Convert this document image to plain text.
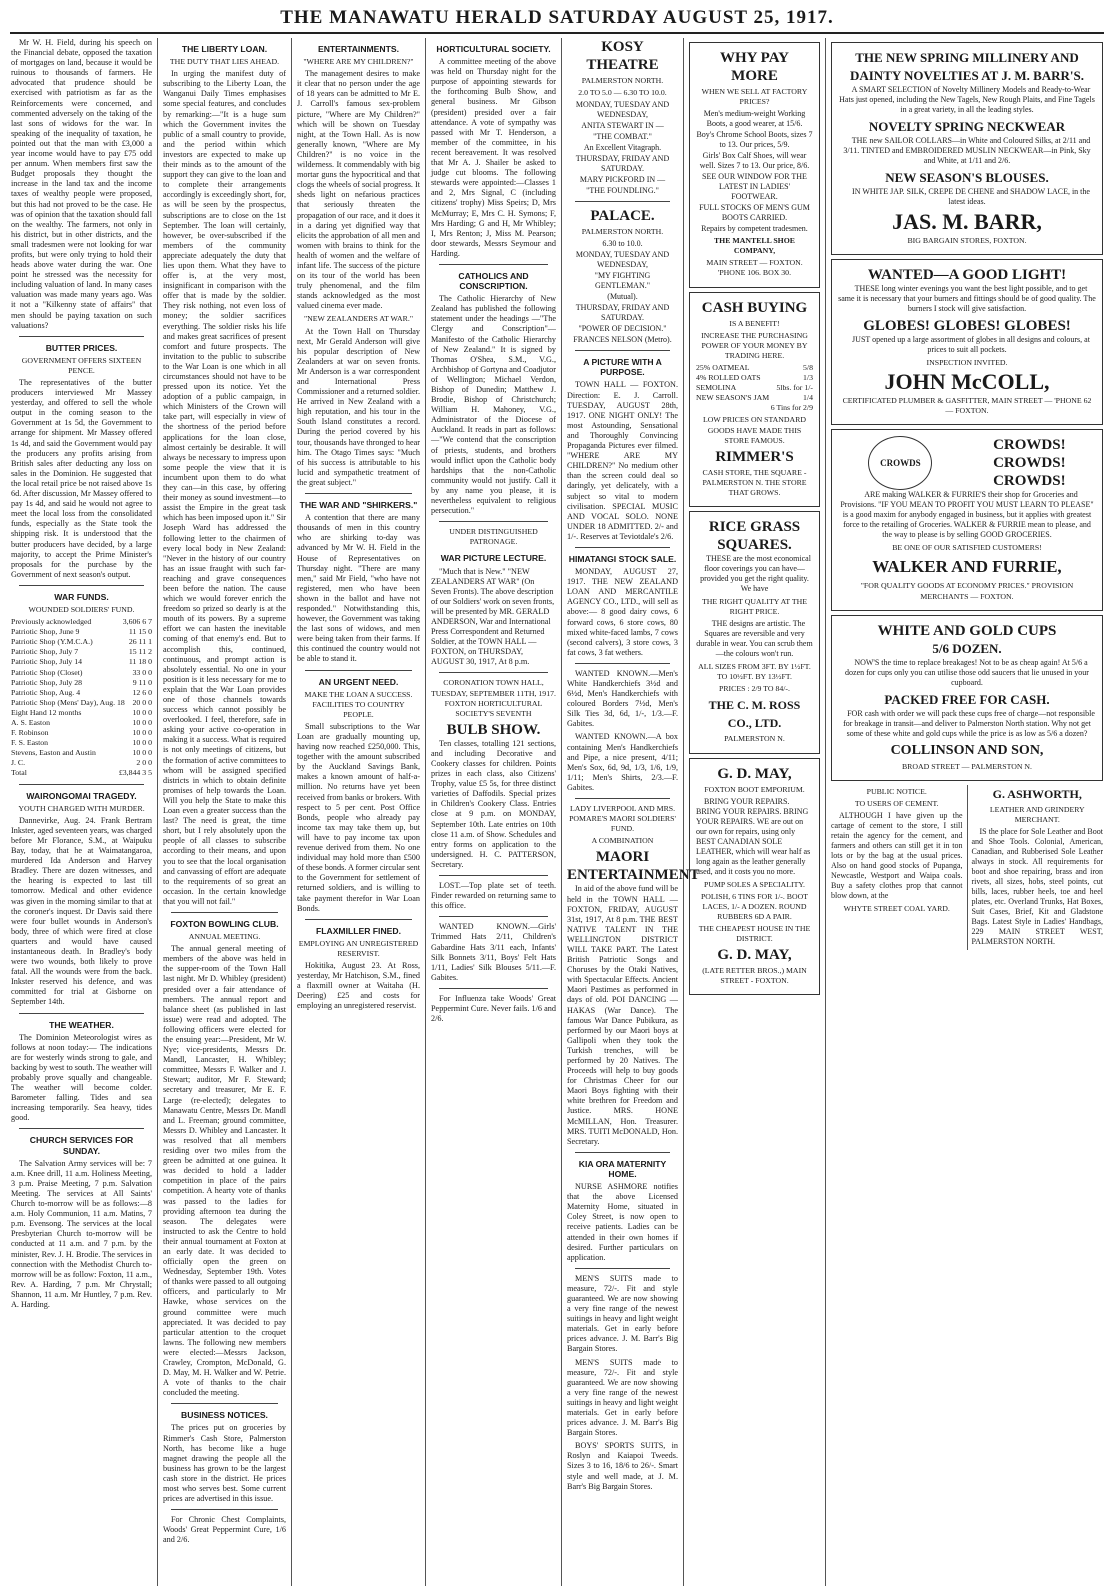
THE MANAWATU HERALD SATURDAY AUGUST 25, 1917.

Mr W. H. Field, during his speech on the Financial debate, opposed the taxation of mortgages on land, because it would be ruinous to thousands of farmers. He advocated that prudence should be exercised with patriotism as far as the Reinforcements were concerned, and commented adversely on the taking of the last sons of widows for the war. In speaking of the inequality of taxation, he pointed out that the man with £3,000 a year income would have to pay £75 odd per annum. When members first saw the Budget proposals they thought the increase in the land tax and the income taxes of wealthy people were proposed, but this had not proved to be the case. He was of opinion that the taxation should fall on the wealthy. The farmers, not only in his district, but in other districts, and the small tradesmen were not looking for war profits, but were only trying to hold their heads above water during the war. One point he stressed was the necessity for including valuation of land. In many cases valuation was made many years ago. Was it not a "Kilkenny state of affairs" that men should be paying taxation on such valuations?

BUTTER PRICES.
GOVERNMENT OFFERS SIXTEEN PENCE.

The representatives of the butter producers interviewed Mr Massey yesterday, and offered to sell the whole output in the coming season to the Government at 1s 5d, the Government to arrange for shipment. Mr Massey offered 1s 4d, and said the Government would pay the producers any profits arising from British sales after deducting any loss on sales in the Dominion. He suggested that the local retail price be not raised above 1s 6d. After discussion, Mr Massey offered to pay 1s 4d, and said he would not agree to meet the local loss from the consolidated funds, especially as the State took the shipping risk. It is understood that the butter producers have decided, by a large majority, to accept the Prime Minister's proposals for the purchase by the Government of next season's output.

WAR FUNDS.
WOUNDED SOLDIERS' FUND.
Previously acknowledged	3,606 6 7
Patriotic Shop, June 9	11 15 0
Patriotic Shop (Y.M.C.A.)	26 11 1
Patriotic Shop, July 7	15 11 2
Patriotic Shop, July 14	11 18 0
Patriotic Shop (Closet)	33 0 0
Patriotic Shop, July 28	9 11 0
Patriotic Shop, Aug. 4	12 6 0
Patriotic Shop (Mens' Day), Aug. 18 20 0 0
Eight Hand 12 months	10 0 0
A. S. Easton	10 0 0
F. Robinson	10 0 0
F. S. Easton	10 0 0
Stevens, Easton and Austin	10 0 0
J. C.	2 0 0
Total	£3,844 3 5
WAIRONGOMAI TRAGEDY.
YOUTH CHARGED WITH MURDER.

Dannevirke, Aug. 24. Frank Bertram Inkster, aged seventeen years, was charged before Mr Florance, S.M., at Waipuku Bay, today, that he at Waimatangaroa, murdered Ida Anderson and Harvey Bradley. There are dozen witnesses, and the hearing is expected to last till tomorrow. Medical and other evidence was given in the morning similar to that at the coroner's inquest. Dr Davis said there were four bullet wounds in Anderson's body, three of which were fired at close quarters and would have caused instantaneous death. In Bradley's body were two wounds, both likely to prove fatal. All the wounds were from the back. Inkster reserved his defence, and was committed for trial at Gisborne on September 14th.

THE WEATHER.

The Dominion Meteorologist wires as follows at noon today:— The indications are for westerly winds strong to gale, and backing by west to south. The weather will probably prove squally and changeable. The weather will become colder. Barometer falling. Tides and sea increasing temporarily. Sea heavy, tides good.

CHURCH SERVICES FOR SUNDAY.

The Salvation Army services will be: 7 a.m. Knee drill, 11 a.m. Holiness Meeting, 3 p.m. Praise Meeting, 7 p.m. Salvation Meeting. The services at All Saints' Church to-morrow will be as follows:—8 a.m. Holy Communion, 11 a.m. Matins, 7 p.m. Evensong. The services at the local Presbyterian Church to-morrow will be conducted at 11 a.m. and 7 p.m. by the minister, Rev. J. H. Brodie. The services in connection with the Methodist Church to-morrow will be as follow: Foxton, 11 a.m., Rev. A. Harding, 7 p.m. Mr Chrystall; Shannon, 11 a.m. Mr Huntley, 7 p.m. Rev. A. Harding.

THE LIBERTY LOAN.
THE DUTY THAT LIES AHEAD.

In urging the manifest duty of subscribing to the Liberty Loan, the Wanganui Daily Times emphasises some special features, and concludes by remarking:—"It is a huge sum which the Government invites the public of a small country to provide, and the period within which investors are expected to make up their minds as to the amount of the support they can give to the loan and to complete their arrangements accordingly is exceedingly short, for, as will be seen by the prospectus, subscriptions are to close on the 1st September. The loan will certainly, however, be over-subscribed if the members of the community appreciate adequately the duty that lies upon them. What they have to offer is, at the very most, insignificant in comparison with the offer that is made by the soldier. They risk nothing, not even loss of money; the soldier sacrifices everything. The soldier risks his life and makes great sacrifices of present comfort and future prospects. The invitation to the public to subscribe to the War Loan is one which in all circumstances should not have to be pressed upon its notice. Yet the adoption of a public campaign, in which Ministers of the Crown will take part, will especially in view of the shortness of the period before applications for the loan close, almost certainly be desirable. It will always be necessary to impress upon some people the view that it is incumbent upon them to do what they can—in this case, by offering their money as sound investment—to assist the Empire in the great task which has been imposed upon it." Sir Joseph Ward has addressed the following letter to the chairmen of every local body in New Zealand: "Never in the history of our country has an issue fraught with such far-reaching and grave consequences been before the nation. The cause which we would forever enrich the freedom so prized so dearly is at the mouth of its powers. By a supreme effort we can hasten the inevitable coming of that enemy's end. But to accomplish this, continued, continuous, and prompt action is absolutely essential. No one in your position is it less necessary for me to explain that the War Loan provides one of those channels towards success which cannot possibly be overlooked. I feel, therefore, safe in asking your active co-operation in making it a success. What is required is not only meetings of citizens, but the formation of active committees to whom will be assigned specified districts in which to obtain definite promises of help towards the Loan. Will you help the State to make this Loan even a greater success than the last? The need is great, the time short, but I rely absolutely upon the people of all classes to subscribe according to their means, and upon you to see that the local organisation and canvassing of effort are adequate to the requirements of so great an occasion. In the certain knowledge that you will not fail."

FOXTON BOWLING CLUB.
ANNUAL MEETING.

The annual general meeting of members of the above was held in the supper-room of the Town Hall last night. Mr D. Whibley (president) presided over a fair attendance of members. The annual report and balance sheet (as published in last issue) were read and adopted. The following officers were elected for the ensuing year:—President, Mr W. Nye; vice-presidents, Messrs Dr. Mandl, Lancaster, H. Whibley; committee, Messrs F. Walker and J. Stewart; auditor, Mr F. Steward; secretary and treasurer, Mr E. F. Large (re-elected); delegates to Manawatu Centre, Messrs Dr. Mandl and L. Freeman; ground committee, Messrs D. Whibley and Lancaster. It was resolved that all members residing over two miles from the green be admitted at one guinea. It was decided to hold a ladder competition in place of the pairs competition. A hearty vote of thanks was passed to the ladies for providing afternoon tea during the season. The delegates were instructed to ask the Centre to hold their annual tournament at Foxton at an early date. It was decided to officially open the green on Wednesday, September 19th. Votes of thanks were passed to all outgoing officers, and particularly to Mr Hawke, whose services on the ground committee were much appreciated. It was decided to pay particular attention to the croquet lawns. The following new members were elected:—Messrs Jackson, Crawley, Crompton, McDonald, G. D. May, M. H. Walker and W. Petrie. A vote of thanks to the chair concluded the meeting.

BUSINESS NOTICES.

The prices put on groceries by Rimmer's Cash Store, Palmerston North, has become like a huge magnet drawing the people all the business has grown to be the largest cash store in the district. He prices most who serves best. Some current prices are advertised in this issue.

For Chronic Chest Complaints, Woods' Great Peppermint Cure, 1/6 and 2/6.

ENTERTAINMENTS.
"WHERE ARE MY CHILDREN?"

The management desires to make it clear that no person under the age of 18 years can be admitted to Mr E. J. Carroll's famous sex-problem picture, "Where are My Children?" which will be shown on Tuesday night, at the Town Hall. As is now generally known, "Where are My Children?" is no voice in the wilderness. It commendably with big mortar guns the hypocritical and that clogs the wheels of social progress. It sheds light on nefarious practices that seriously threaten the propagation of our race, and it does it in a daring yet dignified way that elicits the approbation of all men and women with brains to think for the health of women and the welfare of infant life. The success of the picture on its tour of the world has been truly phenomenal, and the film stands acknowledged as the most valued cinema ever made.

"NEW ZEALANDERS AT WAR."

At the Town Hall on Thursday next, Mr Gerald Anderson will give his popular description of New Zealanders at war on seven fronts. Mr Anderson is a war correspondent and International Press Commissioner and a returned soldier. He arrived in New Zealand with a high reputation, and his tour in the South Island constitutes a record. During the period covered by his tour, thousands have thronged to hear him. The Otago Times says: "Much of his success is attributable to his lucid and sympathetic treatment of the great subject."

THE WAR AND "SHIRKERS."

A contention that there are many thousands of men in this country who are shirking to-day was advanced by Mr W. H. Field in the House of Representatives on Thursday night. "There are many men," said Mr Field, "who have not registered, men who have been shown in the ballot and have not responded." Notwithstanding this, however, the Government was taking the last sons of widows, and men were being taken from their farms. If this continued the country would not be able to stand it.

AN URGENT NEED.
MAKE THE LOAN A SUCCESS. FACILITIES TO COUNTRY PEOPLE.

Small subscriptions to the War Loan are gradually mounting up, having now reached £250,000. This, together with the amount subscribed by the Auckland Savings Bank, makes a known amount of half-a-million. No returns have yet been received from banks or brokers. With respect to 5 per cent. Post Office Bonds, people who already pay income tax may take them up, but will have to pay income tax upon revenue derived from them. No one individual may hold more than £500 of these bonds. A former circular sent to the Government for settlement of returned soldiers, and is willing to take payment therefor in War Loan Bonds.

FLAXMILLER FINED.
EMPLOYING AN UNREGISTERED RESERVIST.

Hokitika, August 23. At Ross, yesterday, Mr Hatchison, S.M., fined a flaxmill owner at Waitaha (H. Deering) £25 and costs for employing an unregistered reservist.

HORTICULTURAL SOCIETY.

A committee meeting of the above was held on Thursday night for the purpose of appointing stewards for the forthcoming Bulb Show, and general business. Mr Gibson (president) presided over a fair attendance. A vote of sympathy was passed with Mr T. Henderson, a member of the committee, in his recent bereavement. It was resolved that Mr A. J. Shailer be asked to judge cut blooms. The following stewards were appointed:—Classes 1 and 2, Mrs Signal, C (including citizens' trophy) Miss Speirs; D, Mrs McMurray; E, Mrs C. H. Symons; F, Mrs Harding; G and H, Mr Whibley; I, Mrs Renton; J, Miss M. Pearson; door stewards, Messrs Seymour and Harding.

CATHOLICS AND CONSCRIPTION.

The Catholic Hierarchy of New Zealand has published the following statement under the headings —"The Clergy and Conscription"—Manifesto of the Catholic Hierarchy of New Zealand." It is signed by Thomas O'Shea, S.M., V.G., Archbishop of Gortyna and Coadjutor of Wellington; Michael Verdon, Bishop of Dunedin; Matthew J. Brodie, Bishop of Christchurch; William H. Mahoney, V.G., Administrator of the Diocese of Auckland. It reads in part as follows:—"We contend that the conscription of priests, students, and brothers would inflict upon the Catholic body hardships that the non-Catholic community would not justify. Call it by any name you please, it is nevertheless equivalent to religious persecution."

UNDER DISTINGUISHED PATRONAGE.
WAR PICTURE LECTURE.

"Much that is New." "NEW ZEALANDERS AT WAR" (On Seven Fronts). The above description of our Soldiers' work on seven fronts, will be presented by MR. GERALD ANDERSON, War and International Press Correspondent and Returned Soldier, at the TOWN HALL — FOXTON, on THURSDAY, AUGUST 30, 1917, At 8 p.m.

CORONATION TOWN HALL, TUESDAY, SEPTEMBER 11TH, 1917. FOXTON HORTICULTURAL SOCIETY'S SEVENTH
BULB SHOW.

Ten classes, totalling 121 sections, and including Decorative and Cookery classes for children. Points prizes in each class, also Citizens' Trophy, value £5 5s, for three distinct varieties of Daffodils. Special prizes in Children's Cookery Class. Entries close at 9 p.m. on MONDAY, September 10th. Late entries on 10th close 11 a.m. of Show. Schedules and entry forms on application to the undersigned. H. C. PATTERSON, Secretary.

LOST.—Top plate set of teeth. Finder rewarded on returning same to this office.

WANTED KNOWN.—Girls' Trimmed Hats 2/11, Children's Gabardine Hats 3/11 each, Infants' Silk Bonnets 3/11, Boys' Felt Hats 1/11, Ladies' Silk Blouses 5/11.—F. Gabites.

For Influenza take Woods' Great Peppermint Cure. Never fails. 1/6 and 2/6.

KOSY THEATRE
PALMERSTON NORTH.
2.0 TO 5.0 — 6.30 TO 10.0.
MONDAY, TUESDAY AND WEDNESDAY,
ANITA STEWART IN —
"THE COMBAT."
An Excellent Vitagraph.
THURSDAY, FRIDAY AND SATURDAY.
MARY PICKFORD IN —
"THE FOUNDLING."
PALACE.
PALMERSTON NORTH.
6.30 to 10.0.
MONDAY, TUESDAY AND WEDNESDAY,
"MY FIGHTING GENTLEMAN."
(Mutual).
THURSDAY, FRIDAY AND SATURDAY.
"POWER OF DECISION."
FRANCES NELSON (Metro).
A PICTURE WITH A PURPOSE.

TOWN HALL — FOXTON. Direction: E. J. Carroll. TUESDAY, AUGUST 28th, 1917. ONE NIGHT ONLY! The most Astounding, Sensational and Thoroughly Convincing Propaganda Pictures ever filmed. "WHERE ARE MY CHILDREN?" No medium other than the screen could deal so daringly, yet delicately, with a subject so vital to modern civilisation. SPECIAL MUSIC AND VOCAL SOLO. NONE UNDER 18 ADMITTED. 2/- and 1/-. Reserves at Teviotdale's 2/6.

HIMATANGI STOCK SALE.

MONDAY, AUGUST 27, 1917. THE NEW ZEALAND LOAN AND MERCANTILE AGENCY CO., LTD., will sell as above:— 8 good dairy cows, 6 forward cows, 6 store cows, 80 mixed white-faced lambs, 7 cows (second calvers), 3 store cows, 3 fat cows, 3 fat wethers.

WANTED KNOWN.—Men's White Handkerchiefs 3½d and 6½d, Men's Handkerchiefs with coloured Borders 7½d, Men's Silk Ties 3d, 6d, 1/-, 1/3.—F. Gabites.

WANTED KNOWN.—A box containing Men's Handkerchiefs and Pipe, a nice present, 4/11; Men's Sox, 6d, 9d, 1/3, 1/6, 1/9, 1/11; Men's Shirts, 2/3.—F. Gabites.

LADY LIVERPOOL AND MRS. POMARE'S MAORI SOLDIERS' FUND.
A COMBINATION
MAORI ENTERTAINMENT

In aid of the above fund will be held in the TOWN HALL — FOXTON, FRIDAY, AUGUST 31st, 1917, At 8 p.m. THE BEST NATIVE TALENT IN THE WELLINGTON DISTRICT WILL TAKE PART. The Latest British Patriotic Songs and Choruses by the Otaki Natives, with Spectacular Effects. Ancient Maori Pastimes as performed in days of old. POI DANCING — HAKAS (War Dance). The famous War Dance Pubikura, as performed by our Maori boys at Gallipoli when they took the Turkish trenches, will be performed by 20 Natives. The Proceeds will help to buy goods for Christmas Cheer for our Maori Boys fighting with their white brethren for Freedom and Justice. MRS. HONE McMILLAN, Hon. Treasurer. MRS. TUITI McDONALD, Hon. Secretary.

KIA ORA MATERNITY HOME.

NURSE ASHMORE notifies that the above Licensed Maternity Home, situated in Coley Street, is now open to receive patients. Ladies can be attended in their own homes if desired. Further particulars on application.

MEN'S SUITS made to measure, 72/-. Fit and style guaranteed. We are now showing a very fine range of the newest suitings in heavy and light weight materials. Get in early before prices advance. J. M. Barr's Big Bargain Stores.

MEN'S SUITS made to measure, 72/-. Fit and style guaranteed. We are now showing a very fine range of the newest suitings in heavy and light weight materials. Get in early before prices advance. J. M. Barr's Big Bargain Stores.

BOYS' SPORTS SUITS, in Roslyn and Kaiapoi Tweeds. Sizes 3 to 16, 18/6 to 26/-. Smart style and well made, at J. M. Barr's Big Bargain Stores.

WHY PAY
MORE
WHEN WE SELL AT FACTORY PRICES?
Men's medium-weight Working Boots, a good wearer, at 15/6.
Boy's Chrome School Boots, sizes 7 to 13. Our prices, 5/9.
Girls' Box Calf Shoes, will wear well. Sizes 7 to 13. Our price, 8/6.
SEE OUR WINDOW FOR THE LATEST IN LADIES' FOOTWEAR.
FULL STOCKS OF MEN'S GUM BOOTS CARRIED.
Repairs by competent tradesmen.
THE MANTELL SHOE COMPANY,
MAIN STREET — FOXTON. 'PHONE 106. BOX 30.
CASH BUYING
IS A BENEFIT!
INCREASE THE PURCHASING POWER OF YOUR MONEY BY TRADING HERE.
25% OATMEAL	5/8
4% ROLLED OATS	1/3
SEMOLINA	5lbs. for 1/-
NEW SEASON'S JAM	1/4
6 Tins for 2/9
LOW PRICES ON STANDARD GOODS HAVE MADE THIS STORE FAMOUS.
RIMMER'S
CASH STORE, THE SQUARE - PALMERSTON N. THE STORE THAT GROWS.
RICE GRASS SQUARES.

THESE are the most economical floor coverings you can have—provided you get the right quality. We have

THE RIGHT QUALITY AT THE RIGHT PRICE.

THE designs are artistic. The Squares are reversible and very durable in wear. You can scrub them—the colours won't run.

ALL SIZES FROM 3FT. BY 1½FT. TO 10½FT. BY 13½FT.
PRICES : 2/9 TO 84/-.
THE C. M. ROSS CO., LTD.
PALMERSTON N.
G. D. MAY,
FOXTON BOOT EMPORIUM.

BRING YOUR REPAIRS. BRING YOUR REPAIRS. BRING YOUR REPAIRS. WE are out on our own for repairs, using only BEST CANADIAN SOLE LEATHER, which will wear half as long again as the leather generally used, and it costs you no more.

PUMP SOLES A SPECIALITY.
POLISH, 6 TINS FOR 1/-. BOOT LACES, 1/- A DOZEN. ROUND RUBBERS 6D A PAIR.
THE CHEAPEST HOUSE IN THE DISTRICT.
G. D. MAY,
(LATE RETTER BROS.,) MAIN STREET - FOXTON.
THE NEW SPRING MILLINERY AND DAINTY NOVELTIES AT J. M. BARR'S.

A SMART SELECTION of Novelty Millinery Models and Ready-to-Wear Hats just opened, including the New Tagels, New Rough Plaits, and Fine Tagels in a great variety, in all the leading styles.

NOVELTY SPRING NECKWEAR

THE new SAILOR COLLARS—in White and Coloured Silks, at 2/11 and 3/11. TINTED and EMBROIDERED MUSLIN NECKWEAR—in Pink, Sky and White, at 1/11 and 2/6.

NEW SEASON'S BLOUSES.

IN WHITE JAP. SILK, CREPE DE CHENE and SHADOW LACE, in the latest ideas.

JAS. M. BARR,
BIG BARGAIN STORES, FOXTON.
WANTED—A GOOD LIGHT!

THESE long winter evenings you want the best light possible, and to get same it is necessary that your burners and fittings should be of good quality. The burners I stock will give satisfaction.

GLOBES! GLOBES! GLOBES!

JUST opened up a large assortment of globes in all designs and colours, at prices to suit all pockets.

INSPECTION INVITED.
JOHN McCOLL,
CERTIFICATED PLUMBER & GASFITTER, MAIN STREET — 'PHONE 62 — FOXTON.
CROWDS
CROWDS!
CROWDS!
CROWDS!

ARE making WALKER & FURRIE'S their shop for Groceries and Provisions. "IF YOU MEAN TO PROFIT YOU MUST LEARN TO PLEASE" is a good maxim for anybody engaged in business, but it applies with greatest force to the retailing of Groceries. WALKER & FURRIE mean to please, and the way to please is by selling GOOD GROCERIES.

BE ONE OF OUR SATISFIED CUSTOMERS!
WALKER AND FURRIE,
"FOR QUALITY GOODS AT ECONOMY PRICES." PROVISION MERCHANTS — FOXTON.
WHITE AND GOLD CUPS
5/6 DOZEN.

NOW'S the time to replace breakages! Not to be as cheap again! At 5/6 a dozen for cups only you can utilise those odd saucers that lie unused in your cupboard.

PACKED FREE FOR CASH.

FOR cash with order we will pack these cups free of charge—not responsible for breakage in transit—and deliver to Palmerston North station. Why not get some of these white and gold cups while the price is as low as 5/6 a dozen?

COLLINSON AND SON,
BROAD STREET — PALMERSTON N.
PUBLIC NOTICE.
TO USERS OF CEMENT.

ALTHOUGH I have given up the cartage of cement to the store, I still retain the agency for the cement, and farmers and others can still get it in ton lots or by the bag at the usual prices. Also on hand good stocks of Pupanga, Newcastle, Westport and Waipa coals. Buy a safety clothes prop that cannot blow down, at the

WHYTE STREET COAL YARD.
G. ASHWORTH,
LEATHER AND GRINDERY MERCHANT.

IS the place for Sole Leather and Boot and Shoe Tools. Colonial, American, Canadian, and Rubberised Sole Leather always in stock. All requirements for boot and shoe repairing, brass and iron rivets, all sizes, hobs, steel points, cut bills, laces, rubber heels, toe and heel plates, etc. Overland Trunks, Hat Boxes, Suit Cases, Brief, Kit and Gladstone Bags. Latest Style in Ladies' Handbags, 229 MAIN STREET WEST, PALMERSTON NORTH.
